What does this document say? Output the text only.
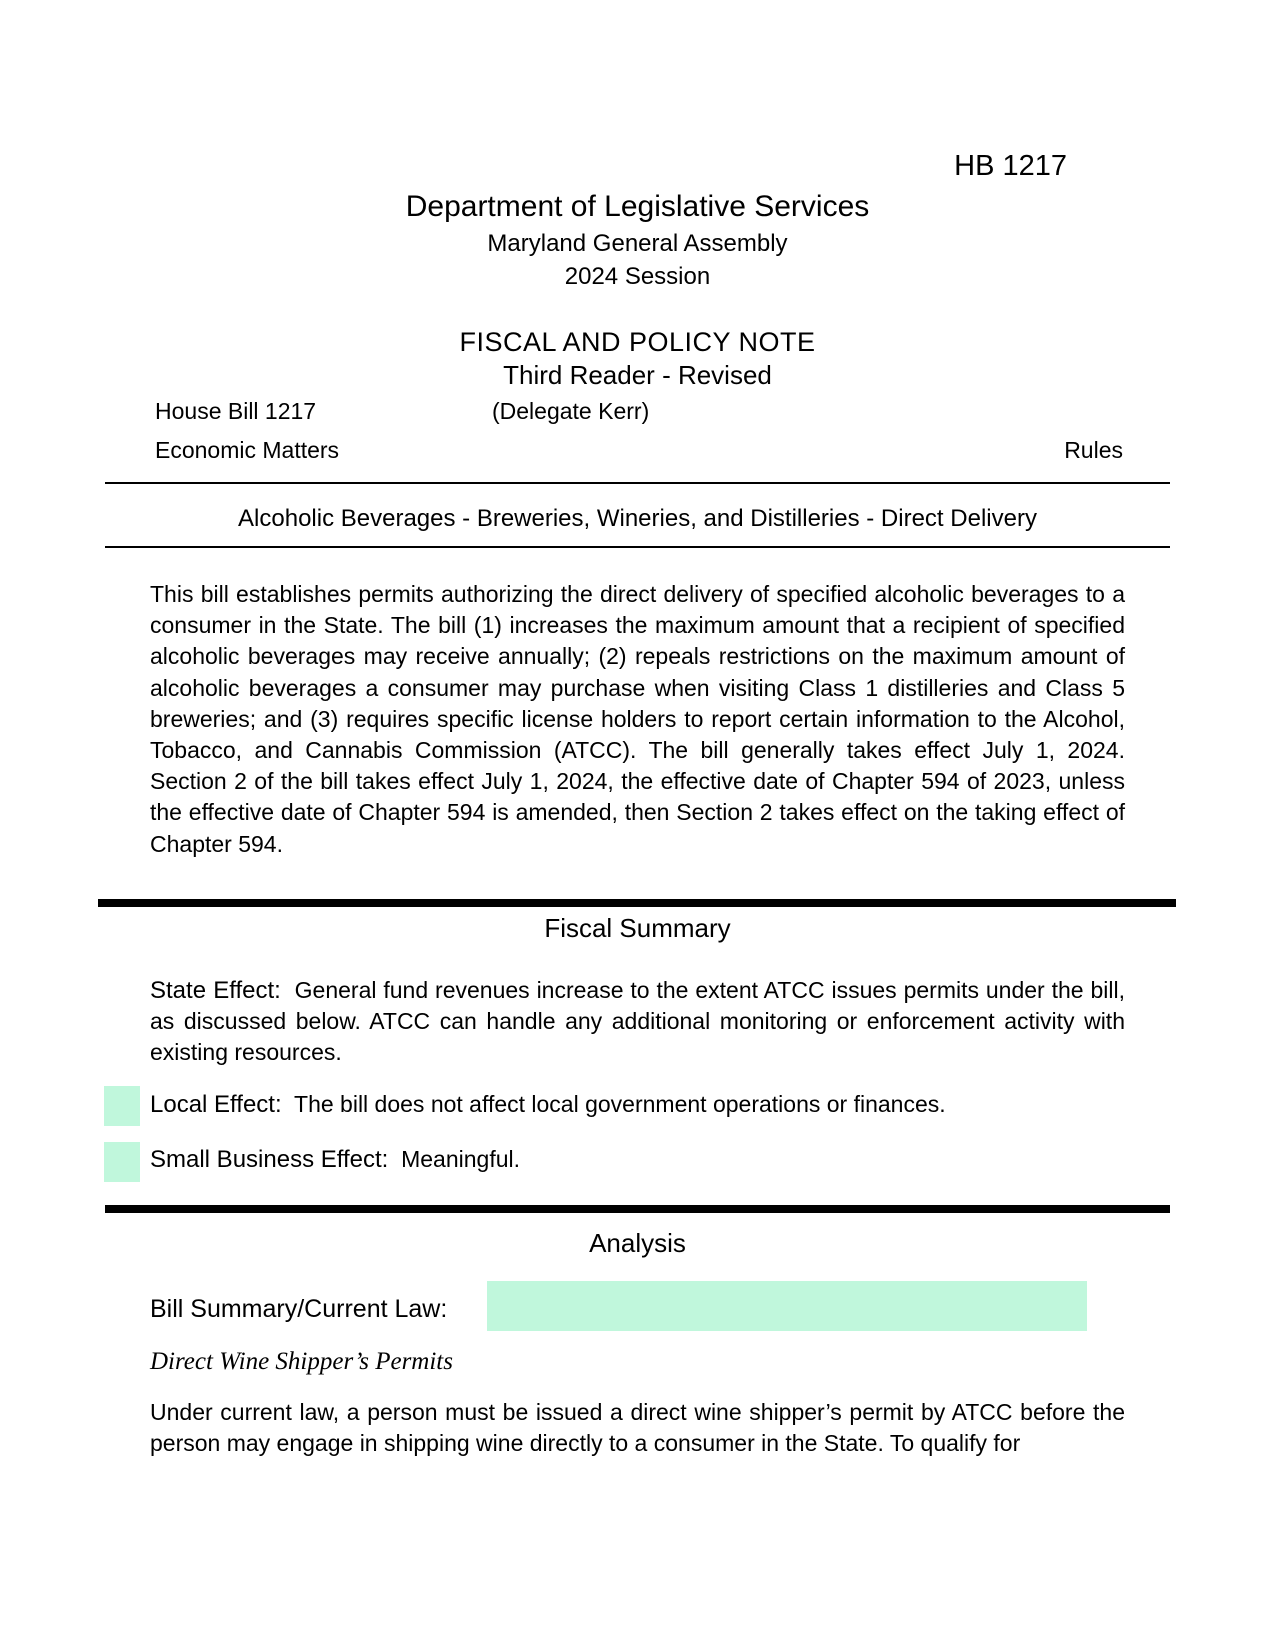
HB 1217
Department of Legislative Services
Maryland General Assembly
2024 Session
FISCAL AND POLICY NOTE
Third Reader - Revised
House Bill 1217	(Delegate Kerr)
Economic Matters	Rules
Alcoholic Beverages - Breweries, Wineries, and Distilleries - Direct Delivery
This bill establishes permits authorizing the direct delivery of specified alcoholic beverages to a consumer in the State. The bill (1) increases the maximum amount that a recipient of specified alcoholic beverages may receive annually; (2) repeals restrictions on the maximum amount of alcoholic beverages a consumer may purchase when visiting Class 1 distilleries and Class 5 breweries; and (3) requires specific license holders to report certain information to the Alcohol, Tobacco, and Cannabis Commission (ATCC). The bill generally takes effect July 1, 2024. Section 2 of the bill takes effect July 1, 2024, the effective date of Chapter 594 of 2023, unless the effective date of Chapter 594 is amended, then Section 2 takes effect on the taking effect of Chapter 594.
Fiscal Summary
State Effect: General fund revenues increase to the extent ATCC issues permits under the bill, as discussed below. ATCC can handle any additional monitoring or enforcement activity with existing resources.
Local Effect: The bill does not affect local government operations or finances.
Small Business Effect: Meaningful.
Analysis
Bill Summary/Current Law:
Direct Wine Shipper’s Permits
Under current law, a person must be issued a direct wine shipper’s permit by ATCC before the person may engage in shipping wine directly to a consumer in the State. To qualify for
